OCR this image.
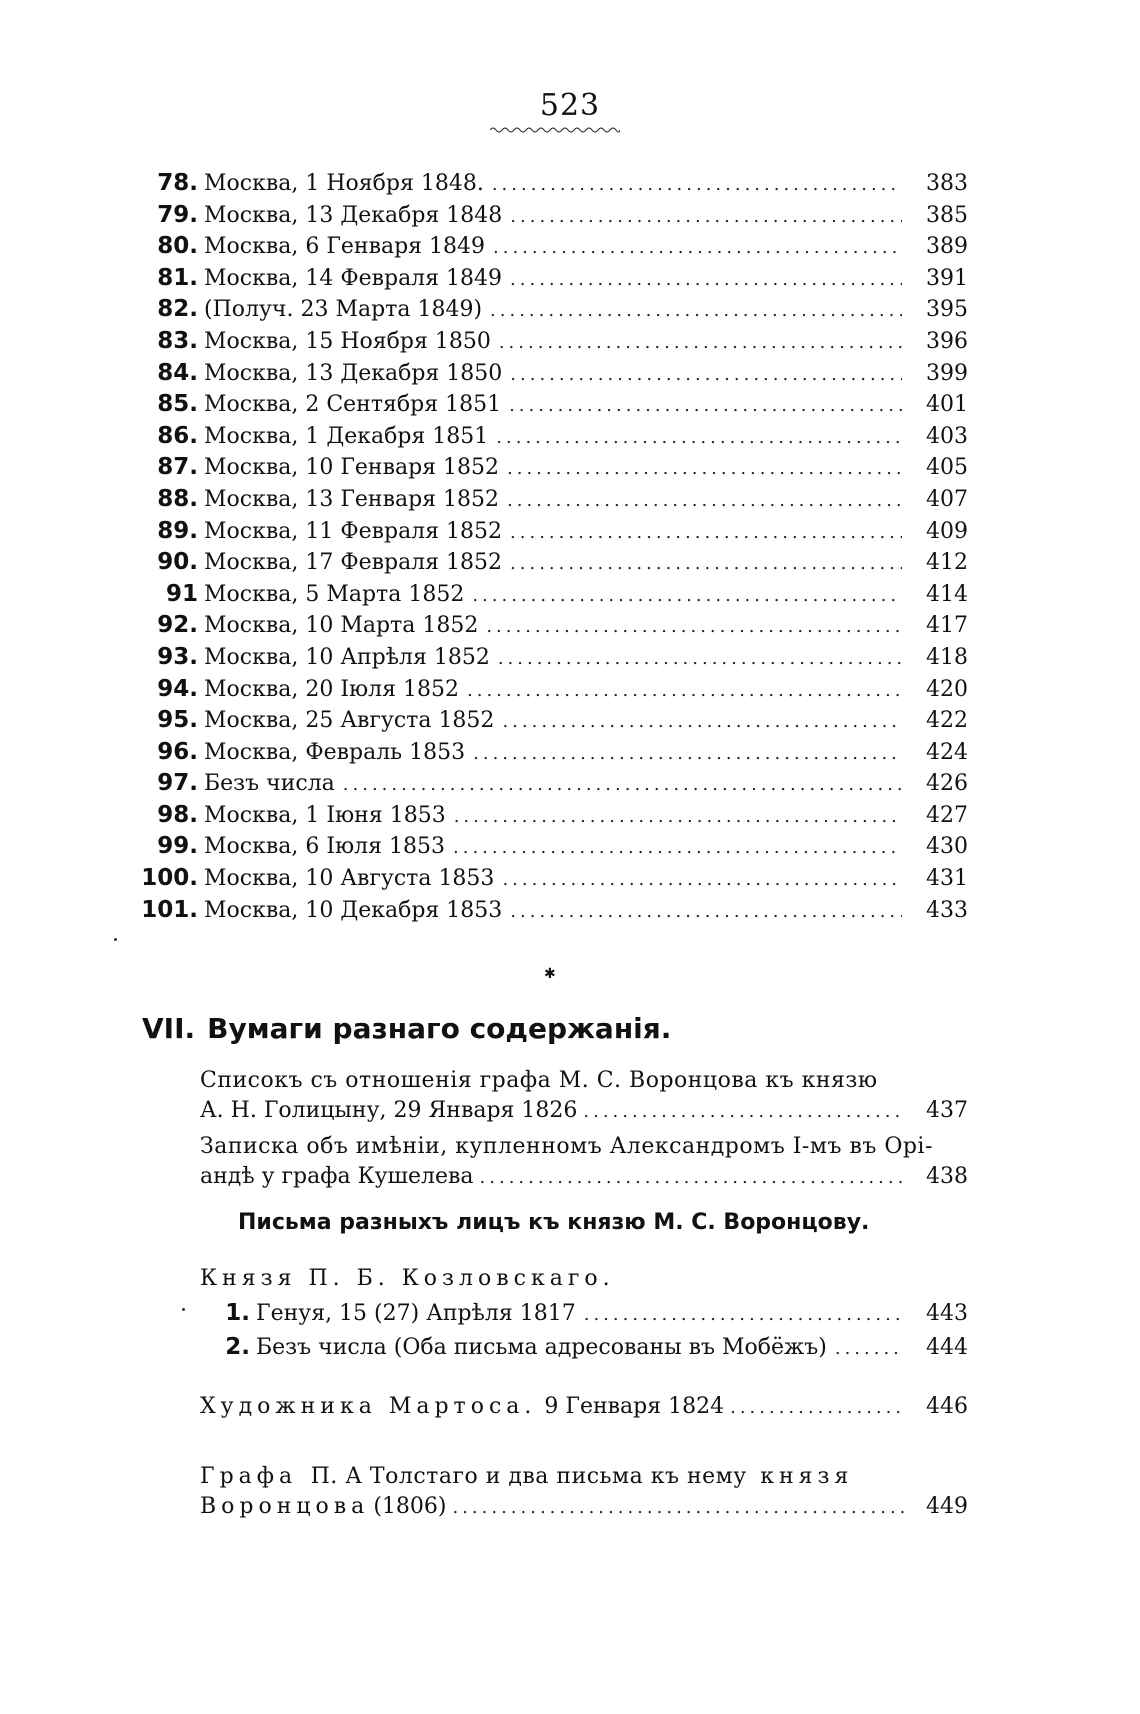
523
78. Москва, 1 Ноября 1848. .....	383
79. Москва, 13 Декабря 1848 .....	385
80. Москва, 6 Генваря 1849 .....	389
81. Москва, 14 Февраля 1849 .....	391
82. (Получ. 23 Марта 1849) .....	395
83. Москва, 15 Ноября 1850 .....	396
84. Москва, 13 Декабря 1850 .....	399
85. Москва, 2 Сентября 1851 .....	401
86. Москва, 1 Декабря 1851 .....	403
87. Москва, 10 Генваря 1852 .....	405
88. Москва, 13 Генваря 1852 .....	407
89. Москва, 11 Февраля 1852 .....	409
90. Москва, 17 Февраля 1852 .....	412
91 Москва, 5 Марта 1852 .....	414
92. Москва, 10 Марта 1852 .....	417
93. Москва, 10 Апрѣля 1852 .....	418
94. Москва, 20 Іюля 1852 .....	420
95. Москва, 25 Августа 1852 .....	422
96. Москва, Февраль 1853 .....	424
97. Безъ числа .....	426
98. Москва, 1 Іюня 1853 .....	427
99. Москва, 6 Іюля 1853 .....	430
100. Москва, 10 Августа 1853 .....	431
101. Москва, 10 Декабря 1853 .....	433
✱
VII. Вумаги разнаго содержанія.
Списокъ съ отношенія графа М. С. Воронцова къ князю
А. Н. Голицыну, 29 Января 1826 .....	437
Записка объ имѣніи, купленномъ Александромъ I-мъ въ Орі-
андѣ у графа Кушелева .....	438
Письма разныхъ лицъ къ князю М. С. Воронцову.
Князя П. Б. Козловскаго.
1. Генуя, 15 (27) Апрѣля 1817 .....	443
2. Безъ числа (Оба письма адресованы въ Мобёжъ) .....	444
Художника Мартоса. 9 Генваря 1824 .....	446
Графа П. А Толстаго и два письма къ нему князя
Воронцова (1806) .....	449
